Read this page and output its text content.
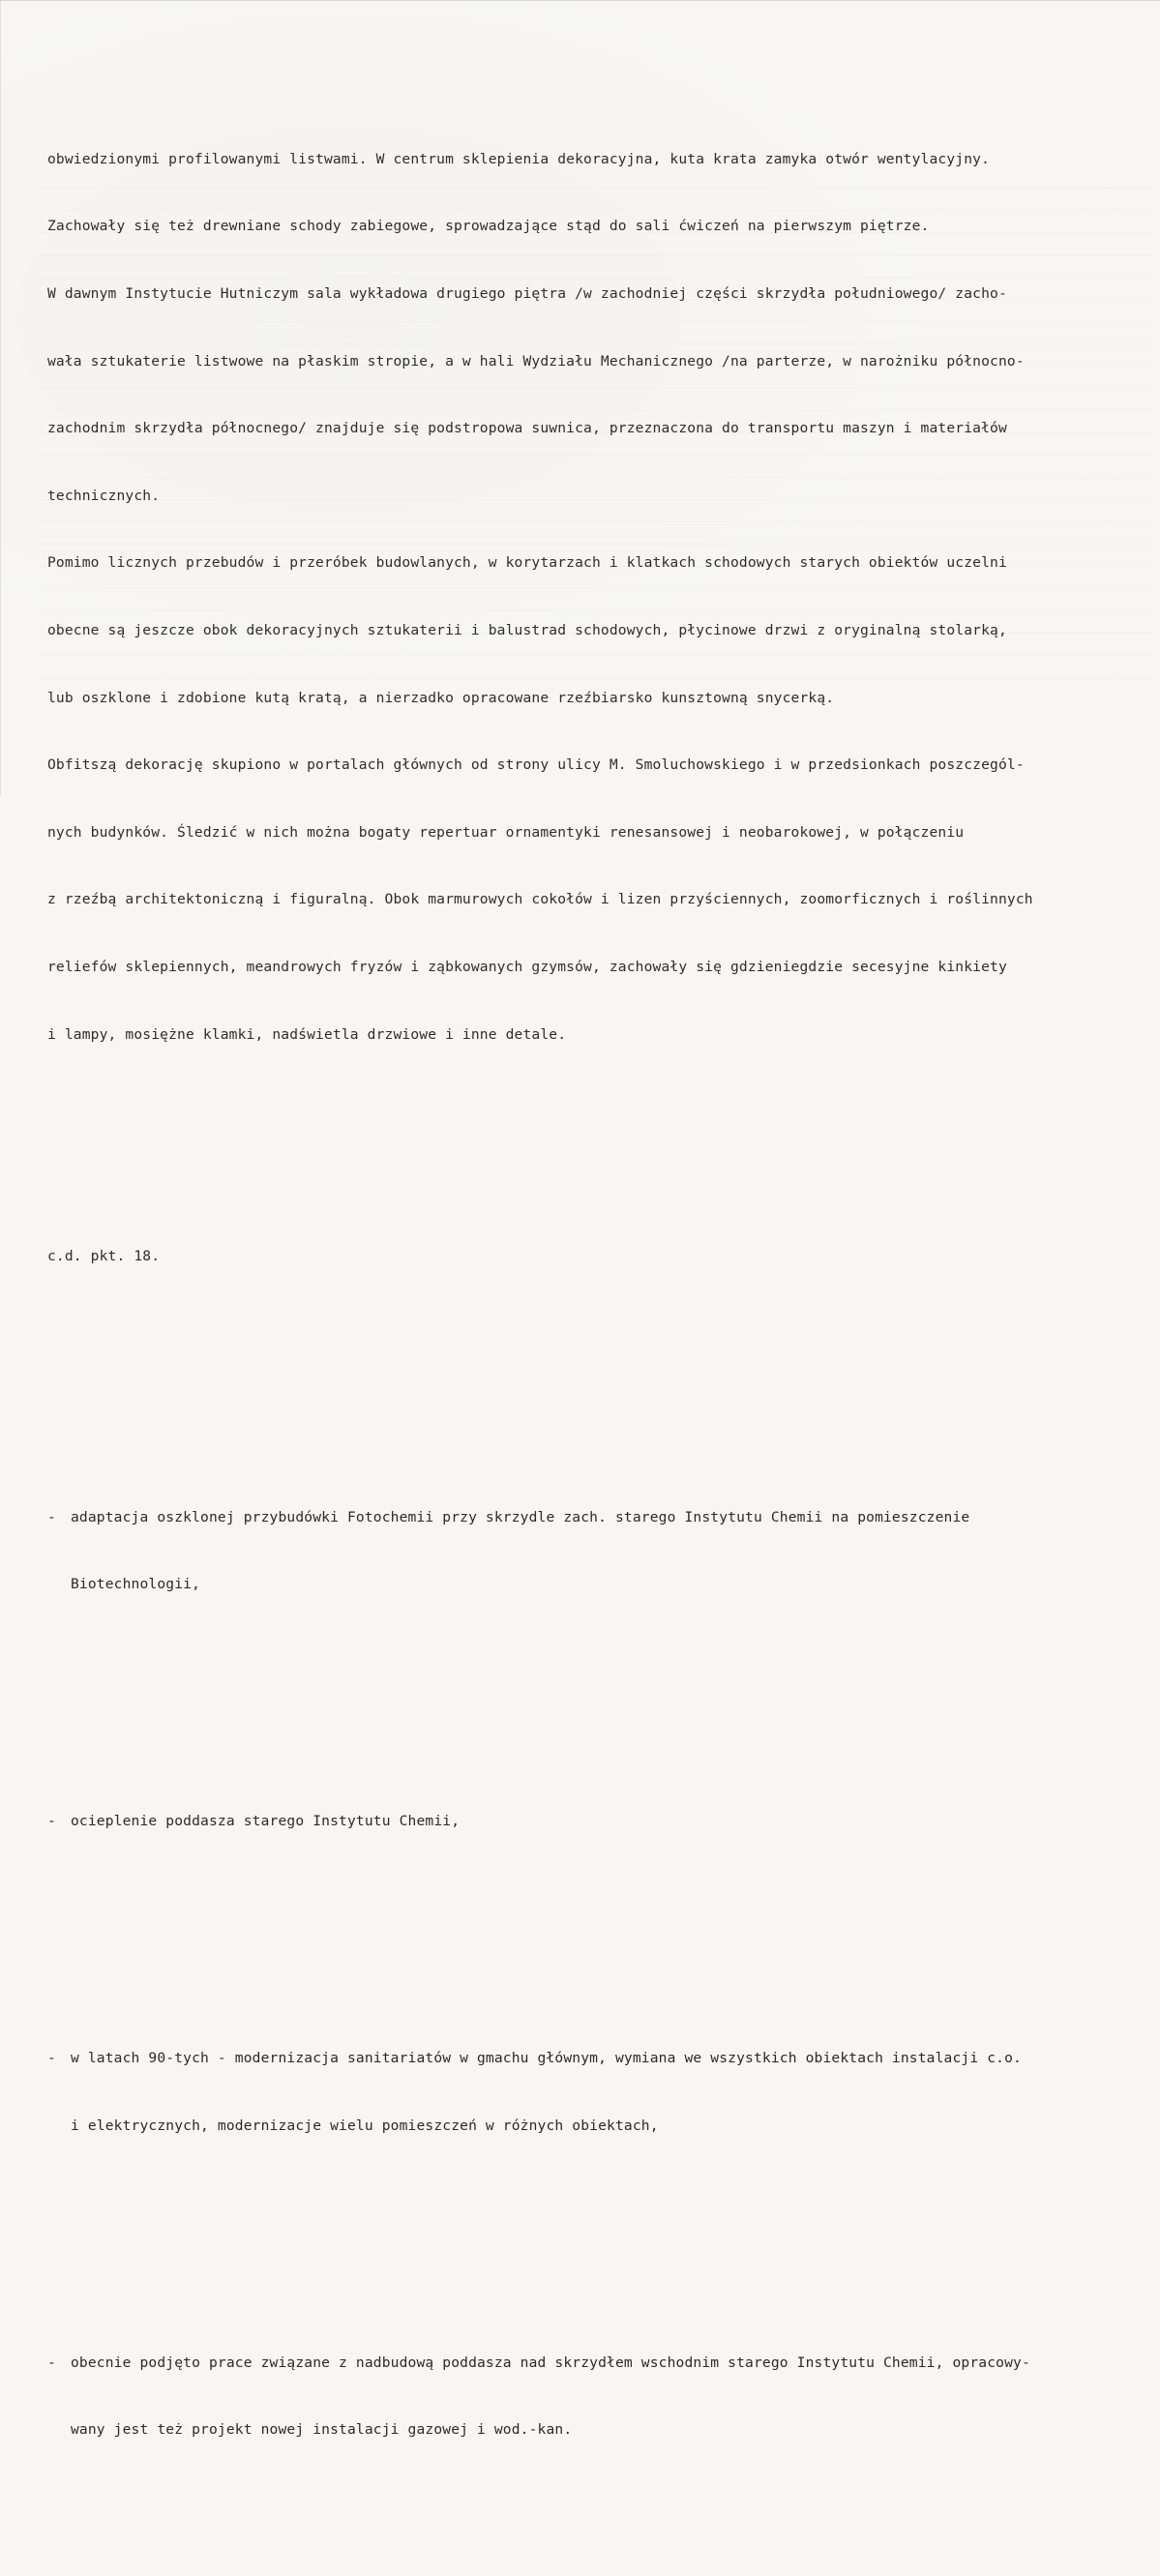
obwiedzionymi profilowanymi listwami. W centrum sklepienia dekoracyjna, kuta krata zamyka otwór wentylacyjny.

Zachowały się też drewniane schody zabiegowe, sprowadzające stąd do sali ćwiczeń na pierwszym piętrze.

W dawnym Instytucie Hutniczym sala wykładowa drugiego piętra /w zachodniej części skrzydła południowego/ zacho-

wała sztukaterie listwowe na płaskim stropie, a w hali Wydziału Mechanicznego /na parterze, w narożniku północno-

zachodnim skrzydła północnego/ znajduje się podstropowa suwnica, przeznaczona do transportu maszyn i materiałów

technicznych.

Pomimo licznych przebudów i przeróbek budowlanych, w korytarzach i klatkach schodowych starych obiektów uczelni

obecne są jeszcze obok dekoracyjnych sztukaterii i balustrad schodowych, płycinowe drzwi z oryginalną stolarką,

lub oszklone i zdobione kutą kratą, a nierzadko opracowane rzeźbiarsko kunsztowną snycerką.

Obfitszą dekorację skupiono w portalach głównych od strony ulicy M. Smoluchowskiego i w przedsionkach poszczegól-

nych budynków. Śledzić w nich można bogaty repertuar ornamentyki renesansowej i neobarokowej, w połączeniu

z rzeźbą architektoniczną i figuralną. Obok marmurowych cokołów i lizen przyściennych, zoomorficznych i roślinnych

reliefów sklepiennych, meandrowych fryzów i ząbkowanych gzymsów, zachowały się gdzieniegdzie secesyjne kinkiety

i lampy, mosiężne klamki, nadświetla drzwiowe i inne detale.

c.d. pkt. 18.

- adaptacja oszklonej przybudówki Fotochemii przy skrzydle zach. starego Instytutu Chemii na pomieszczenie

Biotechnologii,

- ocieplenie poddasza starego Instytutu Chemii,

- w latach 90-tych - modernizacja sanitariatów w gmachu głównym, wymiana we wszystkich obiektach instalacji c.o.

i elektrycznych, modernizacje wielu pomieszczeń w różnych obiektach,

- obecnie podjęto prace związane z nadbudową poddasza nad skrzydłem wschodnim starego Instytutu Chemii, opracowy-

wany jest też projekt nowej instalacji gazowej i wod.-kan.
